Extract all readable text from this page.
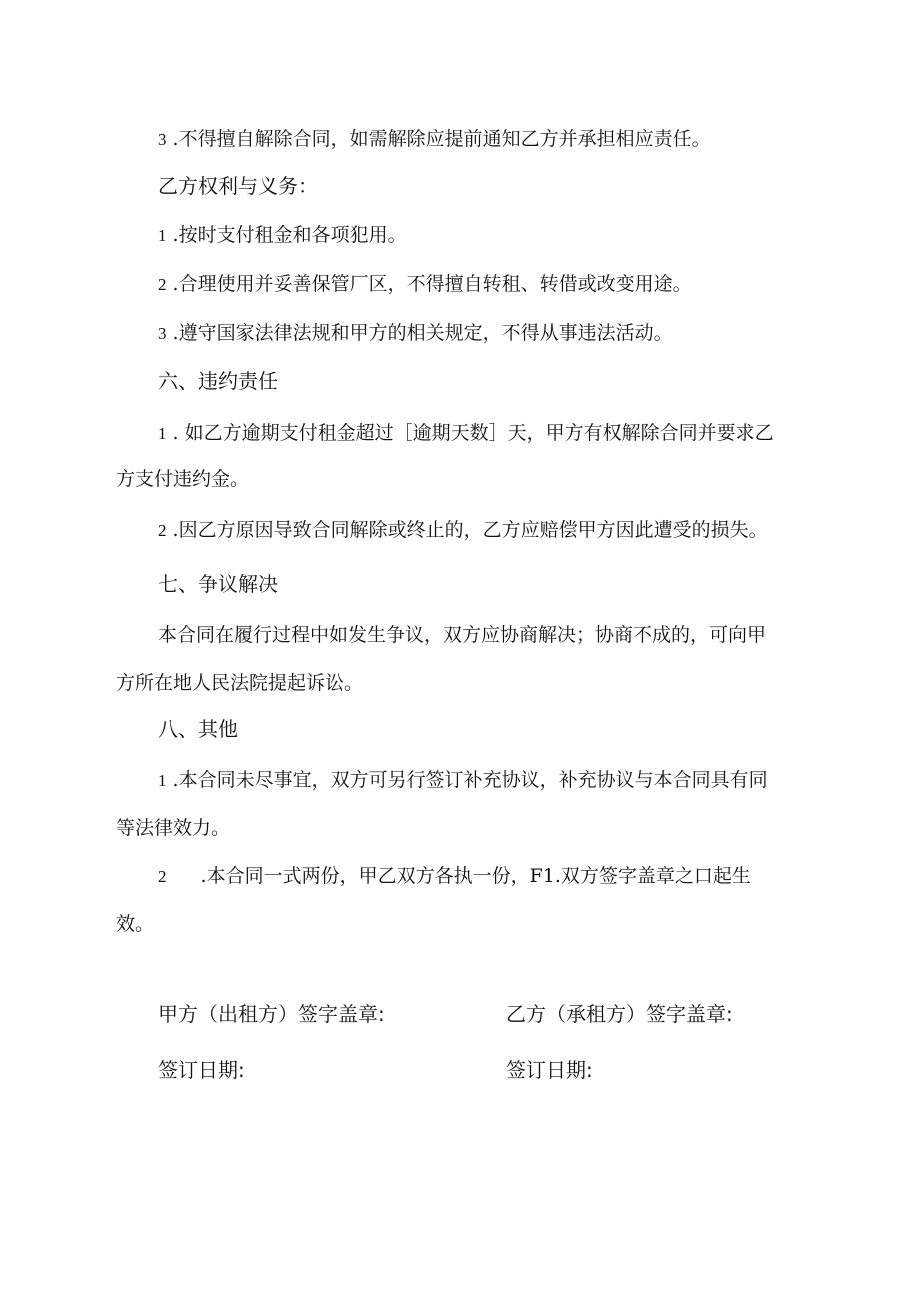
3 .不得擅自解除合同，如需解除应提前通知乙方并承担相应责任。
乙方权利与义务：
1 .按时支付租金和各项犯用。
2 .合理使用并妥善保管厂区，不得擅自转租、转借或改变用途。
3 .遵守国家法律法规和甲方的相关规定，不得从事违法活动。
六、违约责任
1 . 如乙方逾期支付租金超过［逾期天数］天，甲方有权解除合同并要求乙
方支付违约金。
2 .因乙方原因导致合同解除或终止的，乙方应赔偿甲方因此遭受的损失。
七、争议解决
本合同在履行过程中如发生争议，双方应协商解决；协商不成的，可向甲
方所在地人民法院提起诉讼。
八、其他
1 .本合同未尽事宜，双方可另行签订补充协议，补充协议与本合同具有同
等法律效力。
2 .本合同一式两份，甲乙双方各执一份，F1.双方签字盖章之口起生
效。
甲方（出租方）签字盖章:	乙方（承租方）签字盖章:
签订日期:	签订日期:
